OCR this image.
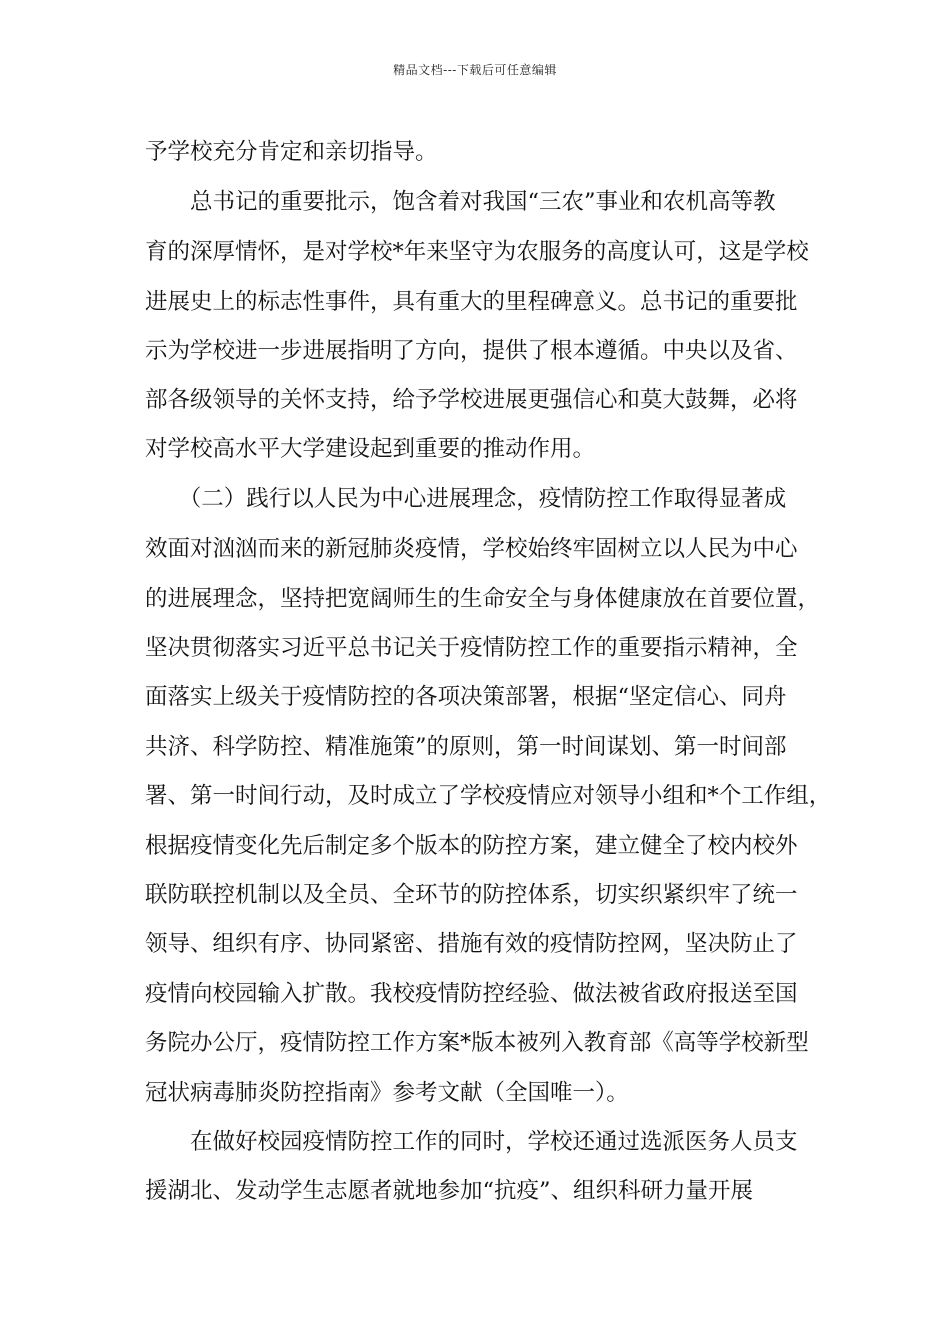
精品文档---下载后可任意编辑
予学校充分肯定和亲切指导。
　　总书记的重要批示，饱含着对我国“三农”事业和农机高等教
育的深厚情怀，是对学校*年来坚守为农服务的高度认可，这是学校
进展史上的标志性事件，具有重大的里程碑意义。总书记的重要批
示为学校进一步进展指明了方向，提供了根本遵循。中央以及省、
部各级领导的关怀支持，给予学校进展更强信心和莫大鼓舞，必将
对学校高水平大学建设起到重要的推动作用。
　　（二）践行以人民为中心进展理念，疫情防控工作取得显著成
效面对汹汹而来的新冠肺炎疫情，学校始终牢固树立以人民为中心
的进展理念，坚持把宽阔师生的生命安全与身体健康放在首要位置，
坚决贯彻落实习近平总书记关于疫情防控工作的重要指示精神，全
面落实上级关于疫情防控的各项决策部署，根据“坚定信心、同舟
共济、科学防控、精准施策”的原则，第一时间谋划、第一时间部
署、第一时间行动，及时成立了学校疫情应对领导小组和*个工作组，
根据疫情变化先后制定多个版本的防控方案，建立健全了校内校外
联防联控机制以及全员、全环节的防控体系，切实织紧织牢了统一
领导、组织有序、协同紧密、措施有效的疫情防控网，坚决防止了
疫情向校园输入扩散。我校疫情防控经验、做法被省政府报送至国
务院办公厅，疫情防控工作方案*版本被列入教育部《高等学校新型
冠状病毒肺炎防控指南》参考文献（全国唯一）。
　　在做好校园疫情防控工作的同时，学校还通过选派医务人员支
援湖北、发动学生志愿者就地参加“抗疫”、组织科研力量开展
